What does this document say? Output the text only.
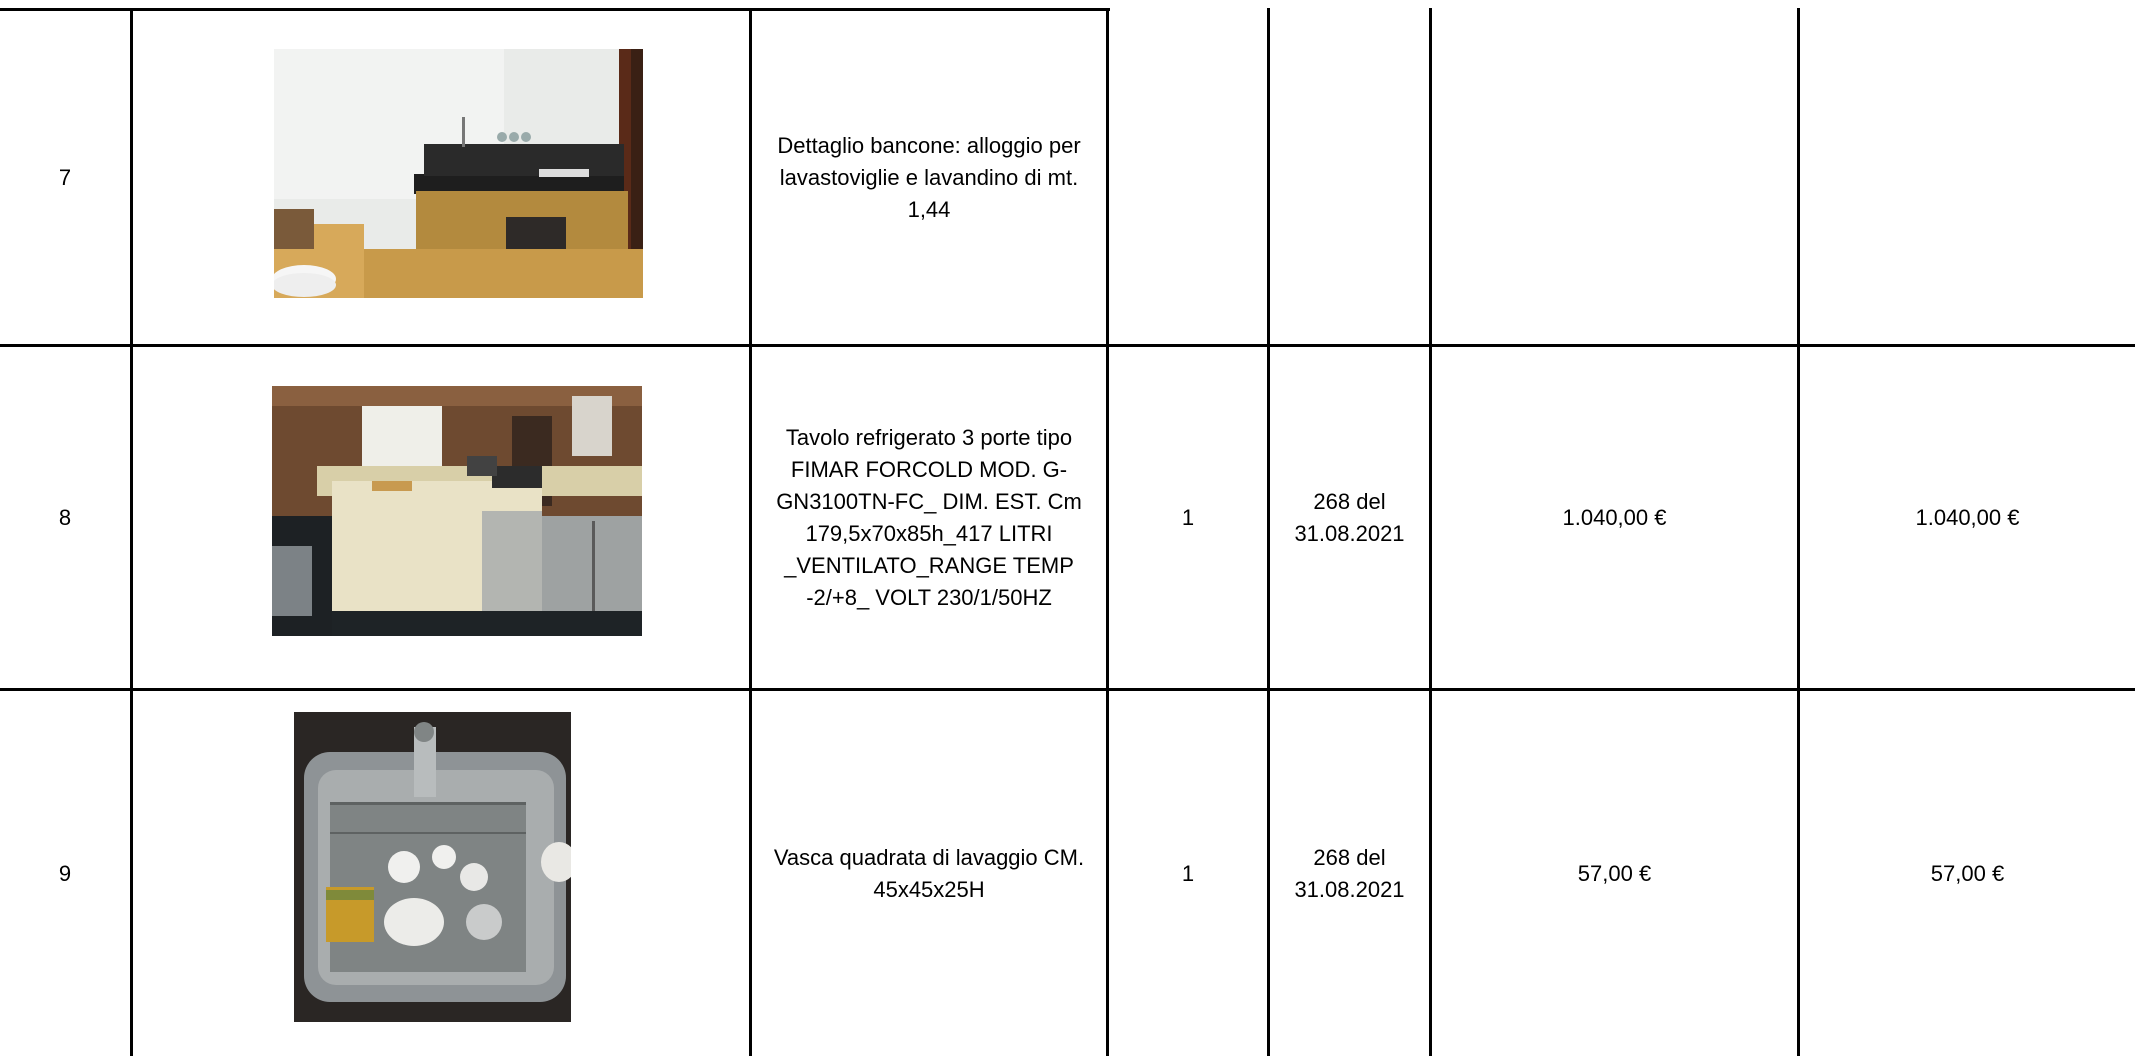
7
Dettaglio bancone: alloggio per lavastoviglie e lavandino di mt. 1,44
8
Tavolo refrigerato 3 porte tipo FIMAR FORCOLD MOD. G-GN3100TN-FC_ DIM. EST. Cm 179,5x70x85h_417 LITRI _VENTILATO_RANGE TEMP -2/+8_ VOLT 230/1/50HZ
1
268 del 31.08.2021
1.040,00 €	1.040,00 €
9
Vasca quadrata di lavaggio CM. 45x45x25H
1
268 del 31.08.2021
57,00 €	57,00 €
